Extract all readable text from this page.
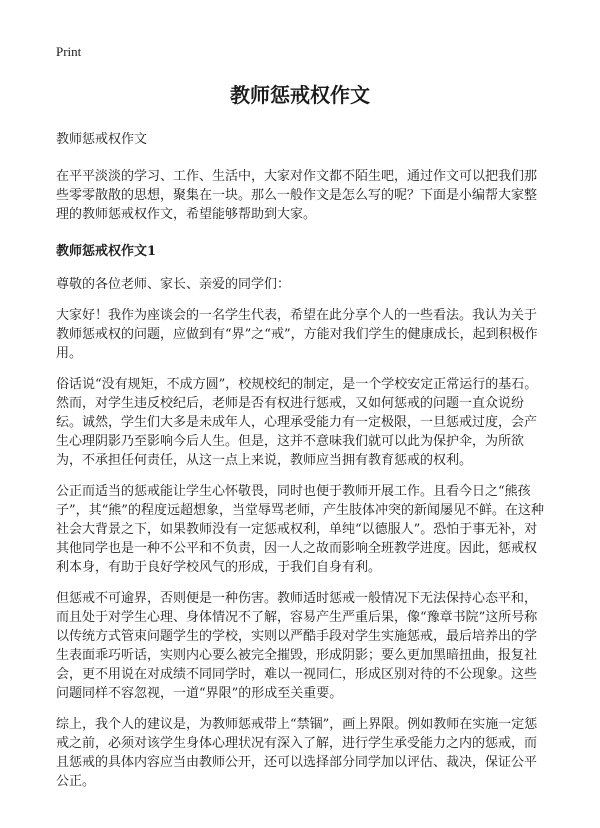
Print
教师惩戒权作文
教师惩戒权作文

在平平淡淡的学习、工作、生活中，大家对作文都不陌生吧，通过作文可以把我们那些零零散散的思想，聚集在一块。那么一般作文是怎么写的呢？下面是小编帮大家整理的教师惩戒权作文，希望能够帮助到大家。

教师惩戒权作文1

尊敬的各位老师、家长、亲爱的同学们：

大家好！我作为座谈会的一名学生代表，希望在此分享个人的一些看法。我认为关于教师惩戒权的问题，应做到有“界”之“戒”，方能对我们学生的健康成长，起到积极作用。

俗话说“没有规矩，不成方圆”，校规校纪的制定，是一个学校安定正常运行的基石。然而，对学生违反校纪后，老师是否有权进行惩戒，又如何惩戒的问题一直众说纷纭。诚然，学生们大多是未成年人，心理承受能力有一定极限，一旦惩戒过度，会产生心理阴影乃至影响今后人生。但是，这并不意味我们就可以此为保护伞，为所欲为，不承担任何责任，从这一点上来说，教师应当拥有教育惩戒的权利。

公正而适当的惩戒能让学生心怀敬畏，同时也便于教师开展工作。且看今日之“熊孩子”，其“熊”的程度远超想象，当堂辱骂老师，产生肢体冲突的新闻屡见不鲜。在这种社会大背景之下，如果教师没有一定惩戒权利，单纯“以德服人”。恐怕于事无补，对其他同学也是一种不公平和不负责，因一人之故而影响全班教学进度。因此，惩戒权利本身，有助于良好学校风气的形成，于我们自身有利。

但惩戒不可逾界，否则便是一种伤害。教师适时惩戒一般情况下无法保持心态平和，而且处于对学生心理、身体情况不了解，容易产生严重后果，像“豫章书院”这所号称以传统方式管束问题学生的学校，实则以严酷手段对学生实施惩戒，最后培养出的学生表面乖巧听话，实则内心要么被完全摧毁，形成阴影；要么更加黑暗扭曲，报复社会，更不用说在对成绩不同同学时，难以一视同仁，形成区别对待的不公现象。这些问题同样不容忽视，一道“界限”的形成至关重要。

综上，我个人的建议是，为教师惩戒带上“禁锢”，画上界限。例如教师在实施一定惩戒之前，必须对该学生身体心理状况有深入了解，进行学生承受能力之内的惩戒，而且惩戒的具体内容应当由教师公开，还可以选择部分同学加以评估、裁决，保证公平公正。
